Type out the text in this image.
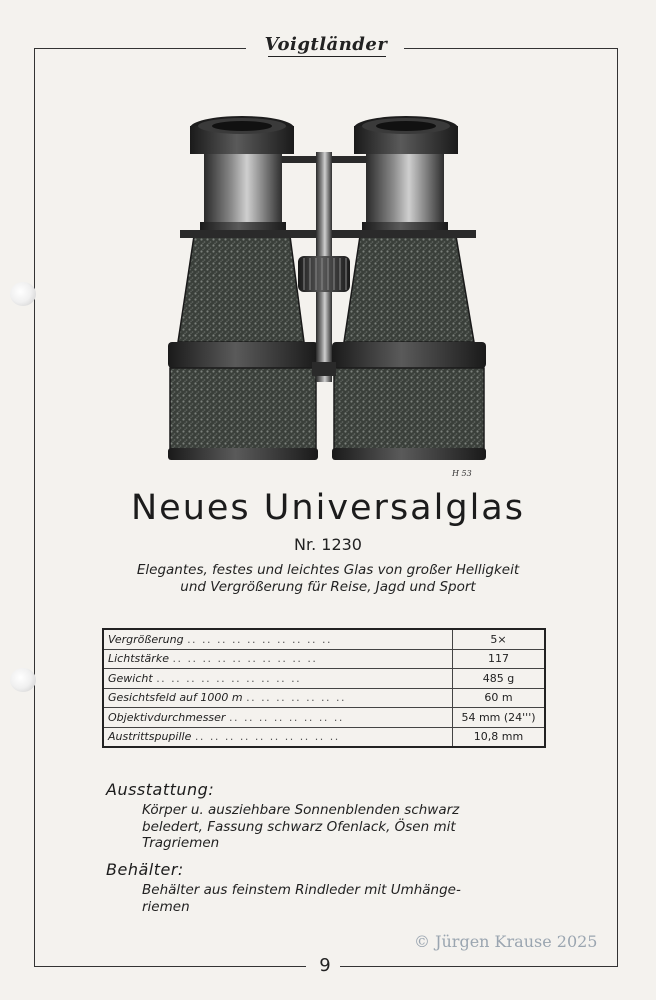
Voigtländer
H 53
Neues Universalglas
Nr. 1230
Elegantes, festes und leichtes Glas von großer Helligkeit
und Vergrößerung für Reise, Jagd und Sport
Vergrößerung .. .. .. .. .. .. .. .. .. ..	5×
Lichtstärke .. .. .. .. .. .. .. .. .. ..	117
Gewicht .. .. .. .. .. .. .. .. .. ..	485 g
Gesichtsfeld auf 1000 m .. .. .. .. .. .. ..	60 m
Objektivdurchmesser .. .. .. .. .. .. .. ..	54 mm (24''')
Austrittspupille .. .. .. .. .. .. .. .. .. ..	10,8 mm
Ausstattung:
Körper u. ausziehbare Sonnenblenden schwarz
beledert, Fassung schwarz Ofenlack, Ösen mit
Tragriemen
Behälter:
Behälter aus feinstem Rindleder mit Umhänge-
riemen
© Jürgen Krause 2025
9
